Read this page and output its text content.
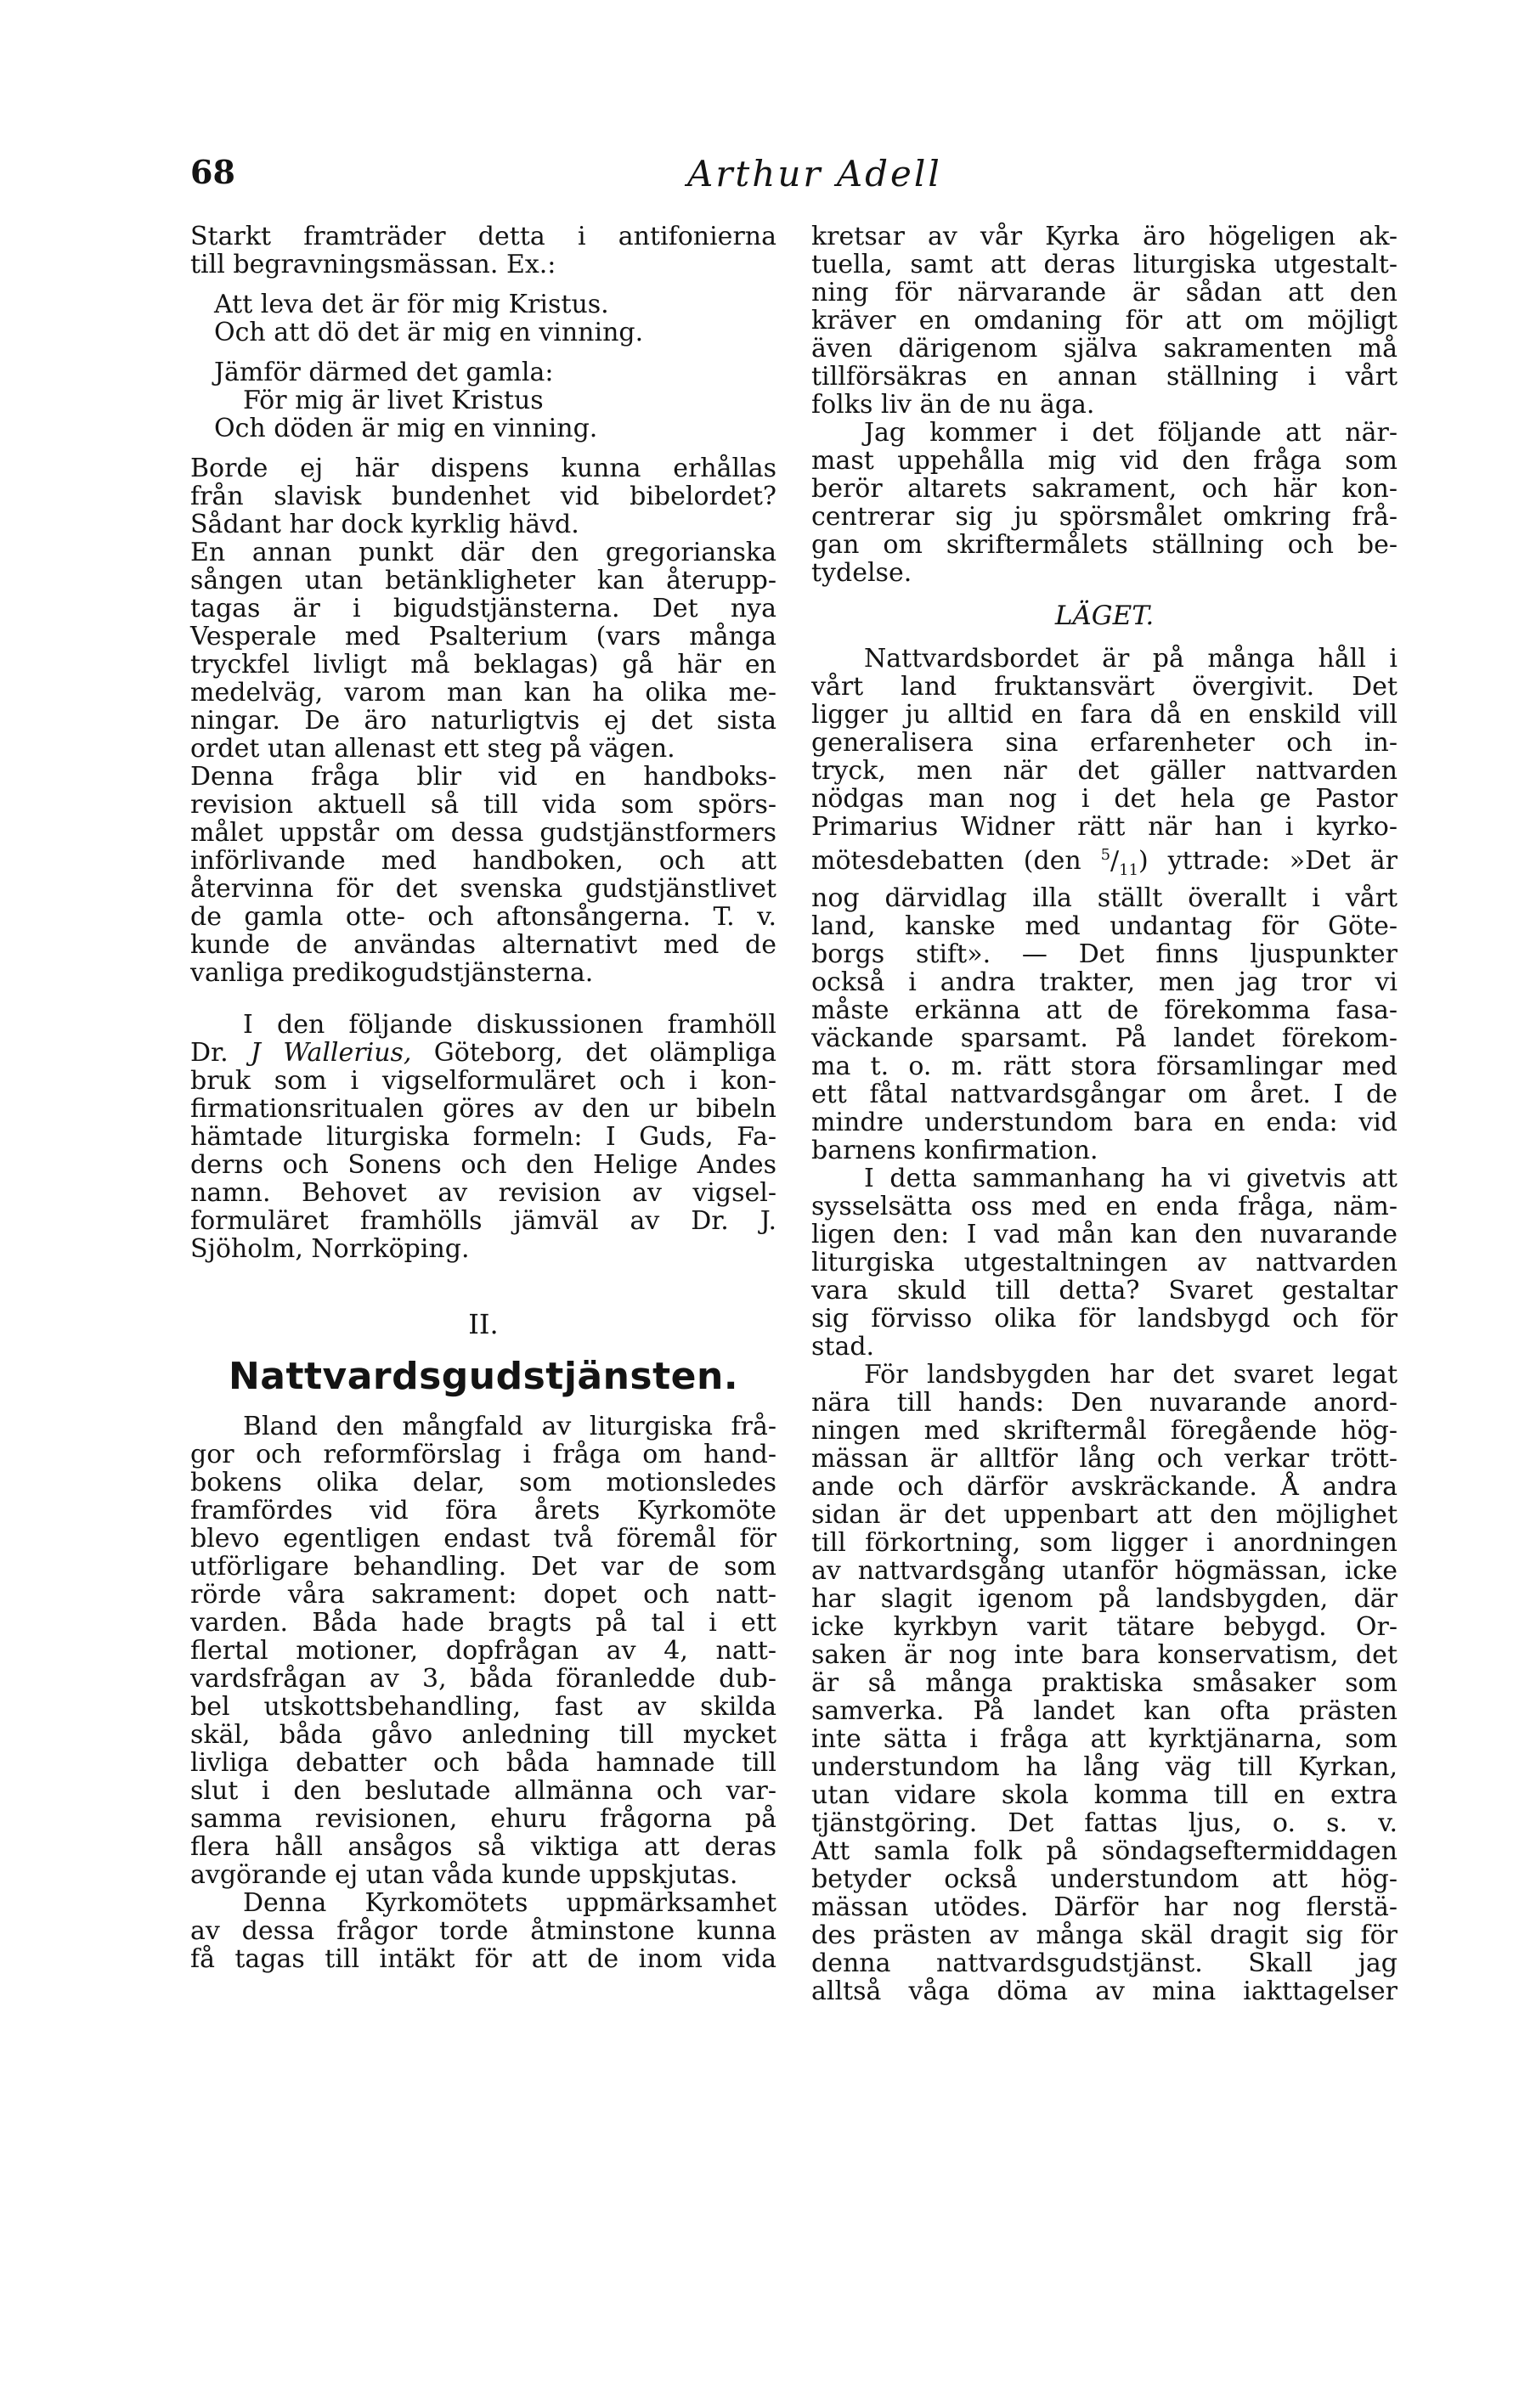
68	Arthur Adell
Starkt framträder detta i antifonierna
till begravningsmässan. Ex.:
Att leva det är för mig Kristus.
Och att dö det är mig en vinning.
Jämför därmed det gamla:
För mig är livet Kristus
Och döden är mig en vinning.
Borde ej här dispens kunna erhållas
från slavisk bundenhet vid bibelordet?
Sådant har dock kyrklig hävd.
En annan punkt där den gregorianska
sången utan betänkligheter kan återupp-
tagas är i bigudstjänsterna. Det nya
Vesperale med Psalterium (vars många
tryckfel livligt må beklagas) gå här en
medelväg, varom man kan ha olika me-
ningar. De äro naturligtvis ej det sista
ordet utan allenast ett steg på vägen.
Denna fråga blir vid en handboks-
revision aktuell så till vida som spörs-
målet uppstår om dessa gudstjänstformers
införlivande med handboken, och att
återvinna för det svenska gudstjänstlivet
de gamla otte- och aftonsångerna. T. v.
kunde de användas alternativt med de
vanliga predikogudstjänsterna.
I den följande diskussionen framhöll
Dr. J Wallerius, Göteborg, det olämpliga
bruk som i vigselformuläret och i kon-
firmationsritualen göres av den ur bibeln
hämtade liturgiska formeln: I Guds, Fa-
derns och Sonens och den Helige Andes
namn. Behovet av revision av vigsel-
formuläret framhölls jämväl av Dr. J.
Sjöholm, Norrköping.
II.
Nattvardsgudstjänsten.
Bland den mångfald av liturgiska frå-
gor och reformförslag i fråga om hand-
bokens olika delar, som motionsledes
framfördes vid föra årets Kyrkomöte
blevo egentligen endast två föremål för
utförligare behandling. Det var de som
rörde våra sakrament: dopet och natt-
varden. Båda hade bragts på tal i ett
flertal motioner, dopfrågan av 4, natt-
vardsfrågan av 3, båda föranledde dub-
bel utskottsbehandling, fast av skilda
skäl, båda gåvo anledning till mycket
livliga debatter och båda hamnade till
slut i den beslutade allmänna och var-
samma revisionen, ehuru frågorna på
flera håll ansågos så viktiga att deras
avgörande ej utan våda kunde uppskjutas.
Denna Kyrkomötets uppmärksamhet
av dessa frågor torde åtminstone kunna
få tagas till intäkt för att de inom vida
kretsar av vår Kyrka äro högeligen ak-
tuella, samt att deras liturgiska utgestalt-
ning för närvarande är sådan att den
kräver en omdaning för att om möjligt
även därigenom själva sakramenten må
tillförsäkras en annan ställning i vårt
folks liv än de nu äga.
Jag kommer i det följande att när-
mast uppehålla mig vid den fråga som
berör altarets sakrament, och här kon-
centrerar sig ju spörsmålet omkring frå-
gan om skriftermålets ställning och be-
tydelse.
LÄGET.
Nattvardsbordet är på många håll i
vårt land fruktansvärt övergivit. Det
ligger ju alltid en fara då en enskild vill
generalisera sina erfarenheter och in-
tryck, men när det gäller nattvarden
nödgas man nog i det hela ge Pastor
Primarius Widner rätt när han i kyrko-
mötesdebatten (den $^5/_{11}$) yttrade: »Det är
nog därvidlag illa ställt överallt i vårt
land, kanske med undantag för Göte-
borgs stift». — Det finns ljuspunkter
också i andra trakter, men jag tror vi
måste erkänna att de förekomma fasa-
väckande sparsamt. På landet förekom-
ma t. o. m. rätt stora församlingar med
ett fåtal nattvardsgångar om året. I de
mindre understundom bara en enda: vid
barnens konfirmation.
I detta sammanhang ha vi givetvis att
sysselsätta oss med en enda fråga, näm-
ligen den: I vad mån kan den nuvarande
liturgiska utgestaltningen av nattvarden
vara skuld till detta? Svaret gestaltar
sig förvisso olika för landsbygd och för
stad.
För landsbygden har det svaret legat
nära till hands: Den nuvarande anord-
ningen med skriftermål föregående hög-
mässan är alltför lång och verkar trött-
ande och därför avskräckande. Å andra
sidan är det uppenbart att den möjlighet
till förkortning, som ligger i anordningen
av nattvardsgång utanför högmässan, icke
har slagit igenom på landsbygden, där
icke kyrkbyn varit tätare bebygd. Or-
saken är nog inte bara konservatism, det
är så många praktiska småsaker som
samverka. På landet kan ofta prästen
inte sätta i fråga att kyrktjänarna, som
understundom ha lång väg till Kyrkan,
utan vidare skola komma till en extra
tjänstgöring. Det fattas ljus, o. s. v.
Att samla folk på söndagseftermiddagen
betyder också understundom att hög-
mässan utödes. Därför har nog flerstä-
des prästen av många skäl dragit sig för
denna nattvardsgudstjänst. Skall jag
alltså våga döma av mina iakttagelser
